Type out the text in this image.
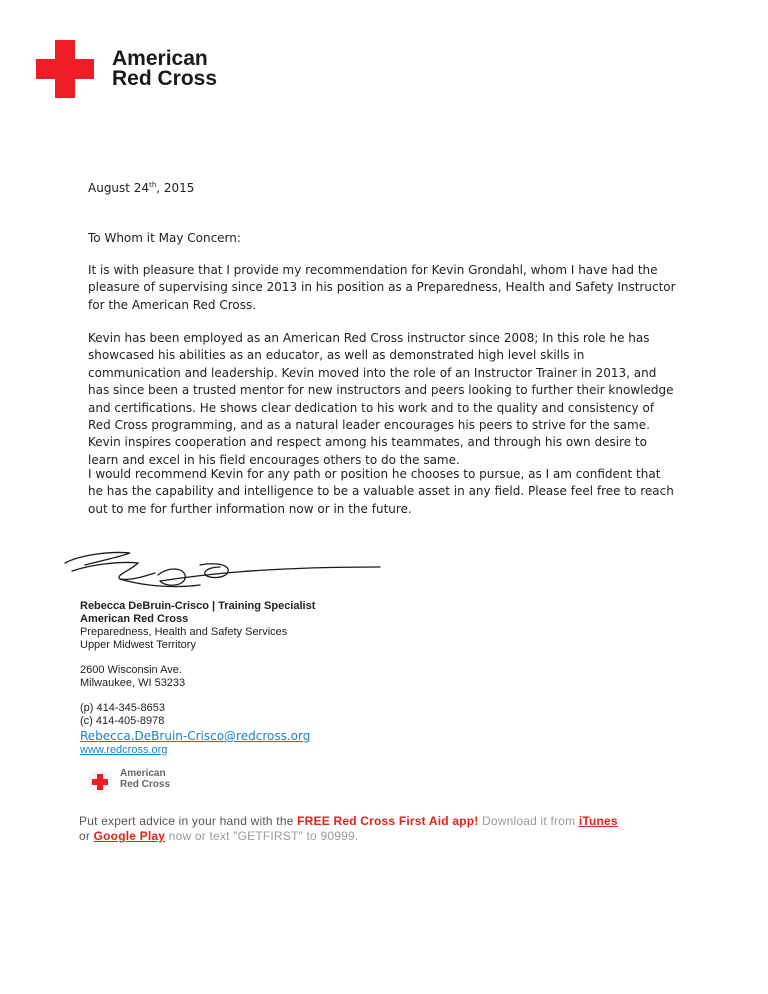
American
Red Cross
August 24th, 2015
To Whom it May Concern:

It is with pleasure that I provide my recommendation for Kevin Grondahl, whom I have had the pleasure of supervising since 2013 in his position as a Preparedness, Health and Safety Instructor for the American Red Cross.

Kevin has been employed as an American Red Cross instructor since 2008; In this role he has showcased his abilities as an educator, as well as demonstrated high level skills in communication and leadership. Kevin moved into the role of an Instructor Trainer in 2013, and has since been a trusted mentor for new instructors and peers looking to further their knowledge and certifications. He shows clear dedication to his work and to the quality and consistency of Red Cross programming, and as a natural leader encourages his peers to strive for the same. Kevin inspires cooperation and respect among his teammates, and through his own desire to learn and excel in his field encourages others to do the same.

I would recommend Kevin for any path or position he chooses to pursue, as I am confident that he has the capability and intelligence to be a valuable asset in any field. Please feel free to reach out to me for further information now or in the future.

Rebecca DeBruin-Crisco | Training Specialist
American Red Cross
Preparedness, Health and Safety Services
Upper Midwest Territory
2600 Wisconsin Ave.
Milwaukee, WI 53233
(p) 414-345-8653
(c) 414-405-8978
Rebecca.DeBruin-Crisco@redcross.org
www.redcross.org
American
Red Cross
Put expert advice in your hand with the FREE Red Cross First Aid app! Download it from iTunes
or Google Play now or text "GETFIRST" to 90999.
